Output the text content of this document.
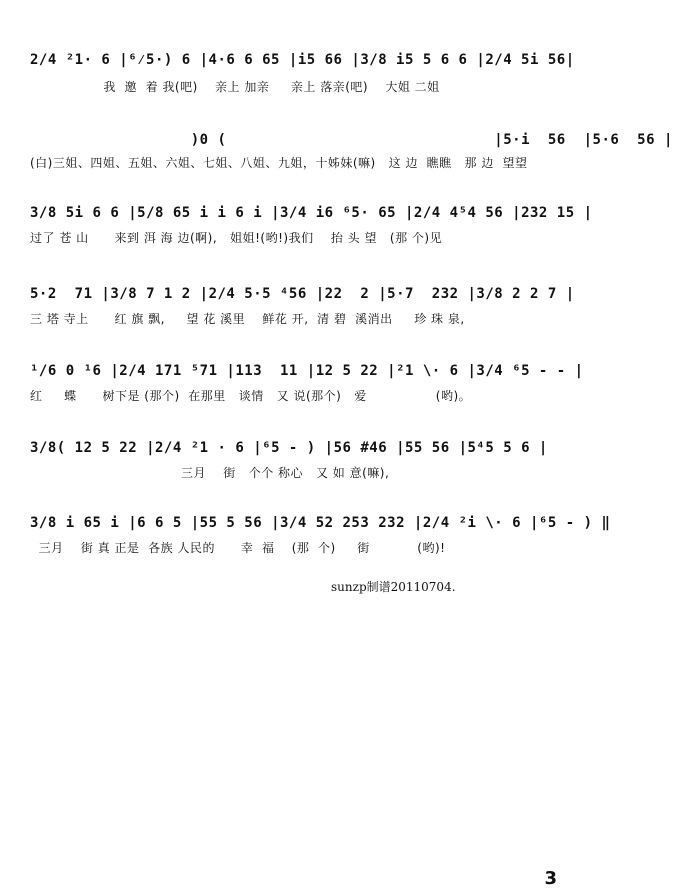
2/4 ²1· 6 |⁶⁄5·) 6 |4·6 6 65 |i5 66 |3/8 i5 5 6 6 |2/4 5i 56|
我  邀  着 我(吧)    亲上 加亲     亲上 落亲(吧)    大姐 二姐
)0 (                              |5·i  56  |5·6  56 |
(白)三姐、四姐、五姐、六姐、七姐、八姐、九姐，十姊妹(嘛)   这 边  瞧瞧   那 边  望望
3/8 5i 6 6 |5/8 65 i i 6 i |3/4 i6 ⁶5· 65 |2/4 4⁵4 56 |232 15 |
过了 苍 山      来到 洱 海 边(啊),   姐姐!(哟!)我们    抬 头 望   (那 个)见
5·2  71 |3/8 7 1 2 |2/4 5·5 ⁴56 |22  2 |5·7  232 |3/8 2 2 7 |
三 塔 寺上      红 旗 飘,     望 花 溪里    鲜花 开,  清 碧  溪消出     珍 珠 泉,
¹/6 0 ¹6 |2/4 171 ⁵71 |113  11 |12 5 22 |²1 \· 6 |3/4 ⁶5 - - |
红     蝶      树下是 (那个)  在那里   谈情   又 说(那个)   爱                (哟)。
3/8( 12 5 22 |2/4 ²1 · 6 |⁶5 - ) |56 #46 |55 56 |5⁴5 5 6 |
三月    街   个个 称心   又 如 意(嘛),
3/8 i 65 i |6 6 5 |55 5 56 |3/4 52 253 232 |2/4 ²i \· 6 |⁶5 - ) ‖
三月    街 真 正是  各族 人民的      幸  福    (那  个)     街           (哟)!
sunzp制谱20110704.
3
